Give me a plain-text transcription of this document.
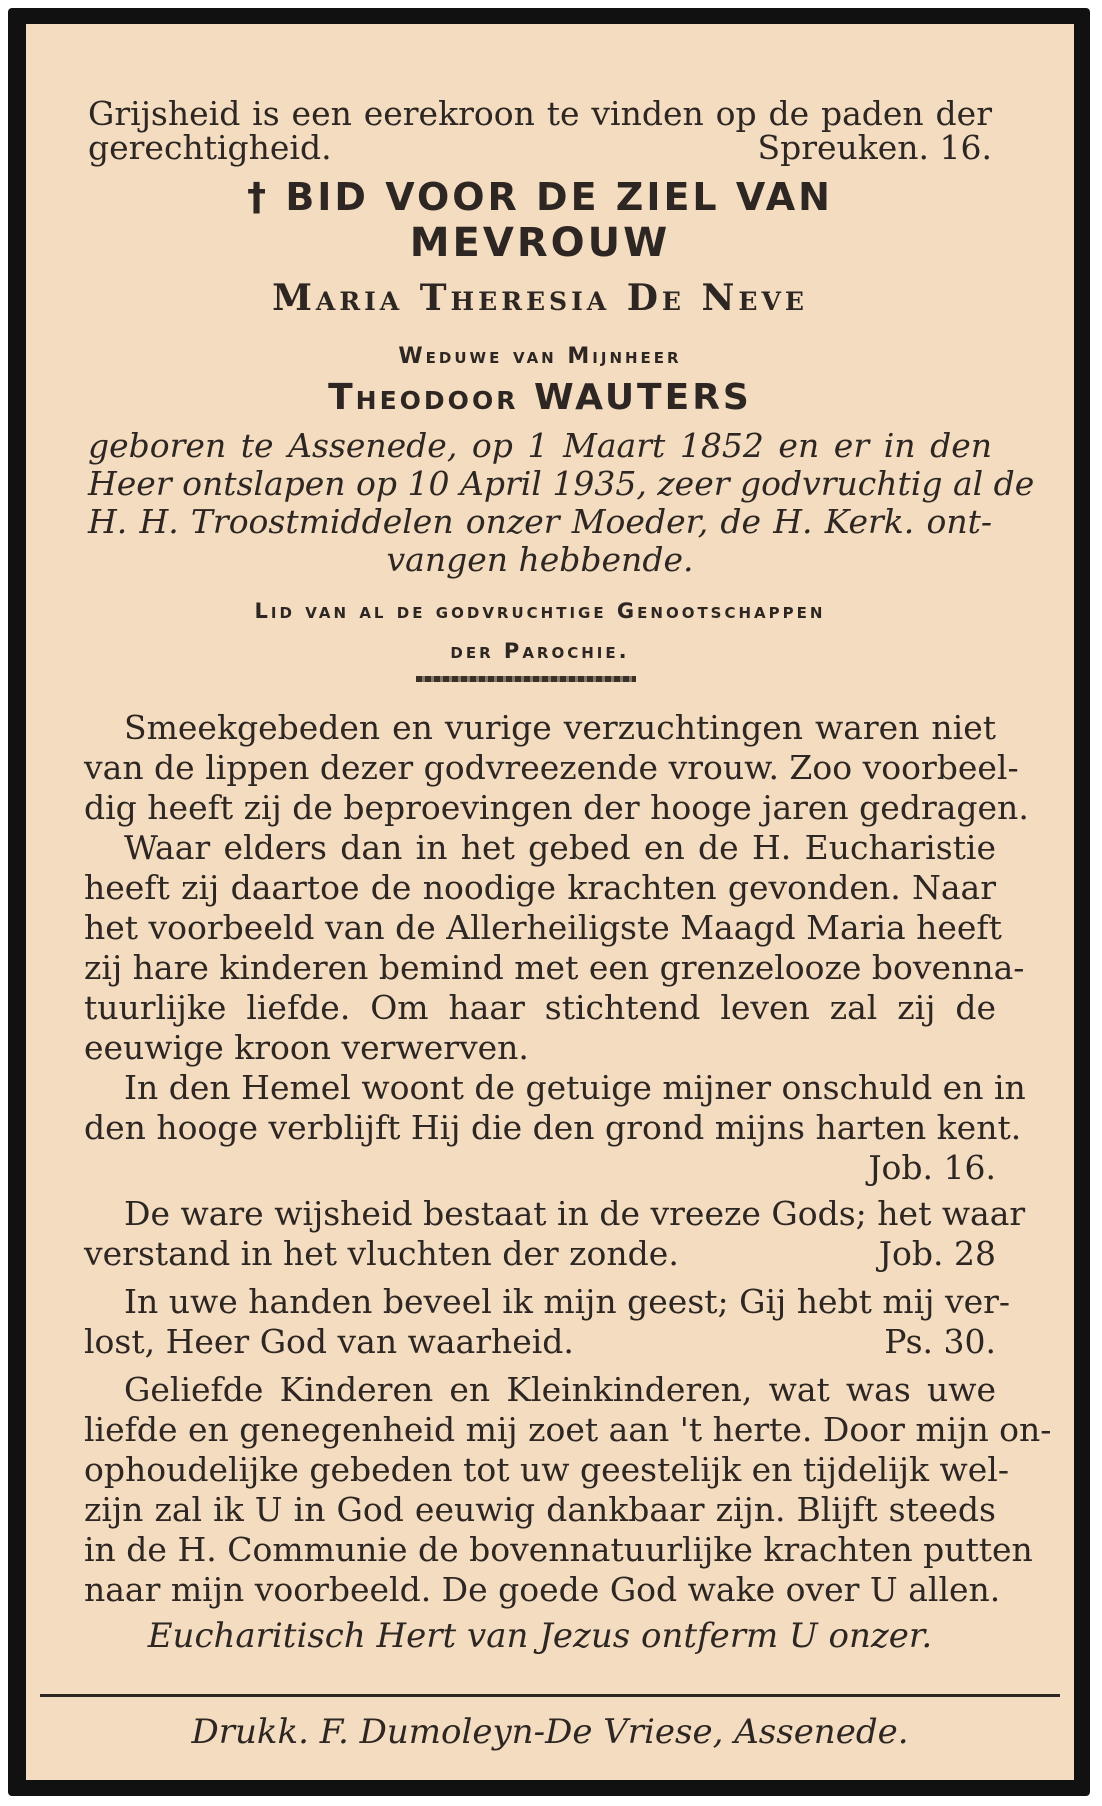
Grijsheid is een eerekroon te vinden op de paden der
gerechtigheid.	Spreuken. 16.
† BID VOOR DE ZIEL VAN
MEVROUW
Maria Theresia De Neve
Weduwe van Mijnheer
Theodoor WAUTERS
geboren te Assenede, op 1 Maart 1852 en er in den
Heer ontslapen op 10 April 1935, zeer godvruchtig al de
H. H. Troostmiddelen onzer Moeder, de H. Kerk. ont-
vangen hebbende.
Lid van al de godvruchtige Genootschappen
der Parochie.
Smeekgebeden en vurige verzuchtingen waren niet
van de lippen dezer godvreezende vrouw. Zoo voorbeel-
dig heeft zij de beproevingen der hooge jaren gedragen.
Waar elders dan in het gebed en de H. Eucharistie
heeft zij daartoe de noodige krachten gevonden. Naar
het voorbeeld van de Allerheiligste Maagd Maria heeft
zij hare kinderen bemind met een grenzelooze bovenna-
tuurlijke liefde. Om haar stichtend leven zal zij de
eeuwige kroon verwerven.
In den Hemel woont de getuige mijner onschuld en in
den hooge verblijft Hij die den grond mijns harten kent.
Job. 16.
De ware wijsheid bestaat in de vreeze Gods; het waar
verstand in het vluchten der zonde.	Job. 28
In uwe handen beveel ik mijn geest; Gij hebt mij ver-
lost, Heer God van waarheid.	Ps. 30.
Geliefde Kinderen en Kleinkinderen, wat was uwe
liefde en genegenheid mij zoet aan 't herte. Door mijn on-
ophoudelijke gebeden tot uw geestelijk en tijdelijk wel-
zijn zal ik U in God eeuwig dankbaar zijn. Blijft steeds
in de H. Communie de bovennatuurlijke krachten putten
naar mijn voorbeeld. De goede God wake over U allen.
Eucharitisch Hert van Jezus ontferm U onzer.
Drukk. F. Dumoleyn-De Vriese, Assenede.
